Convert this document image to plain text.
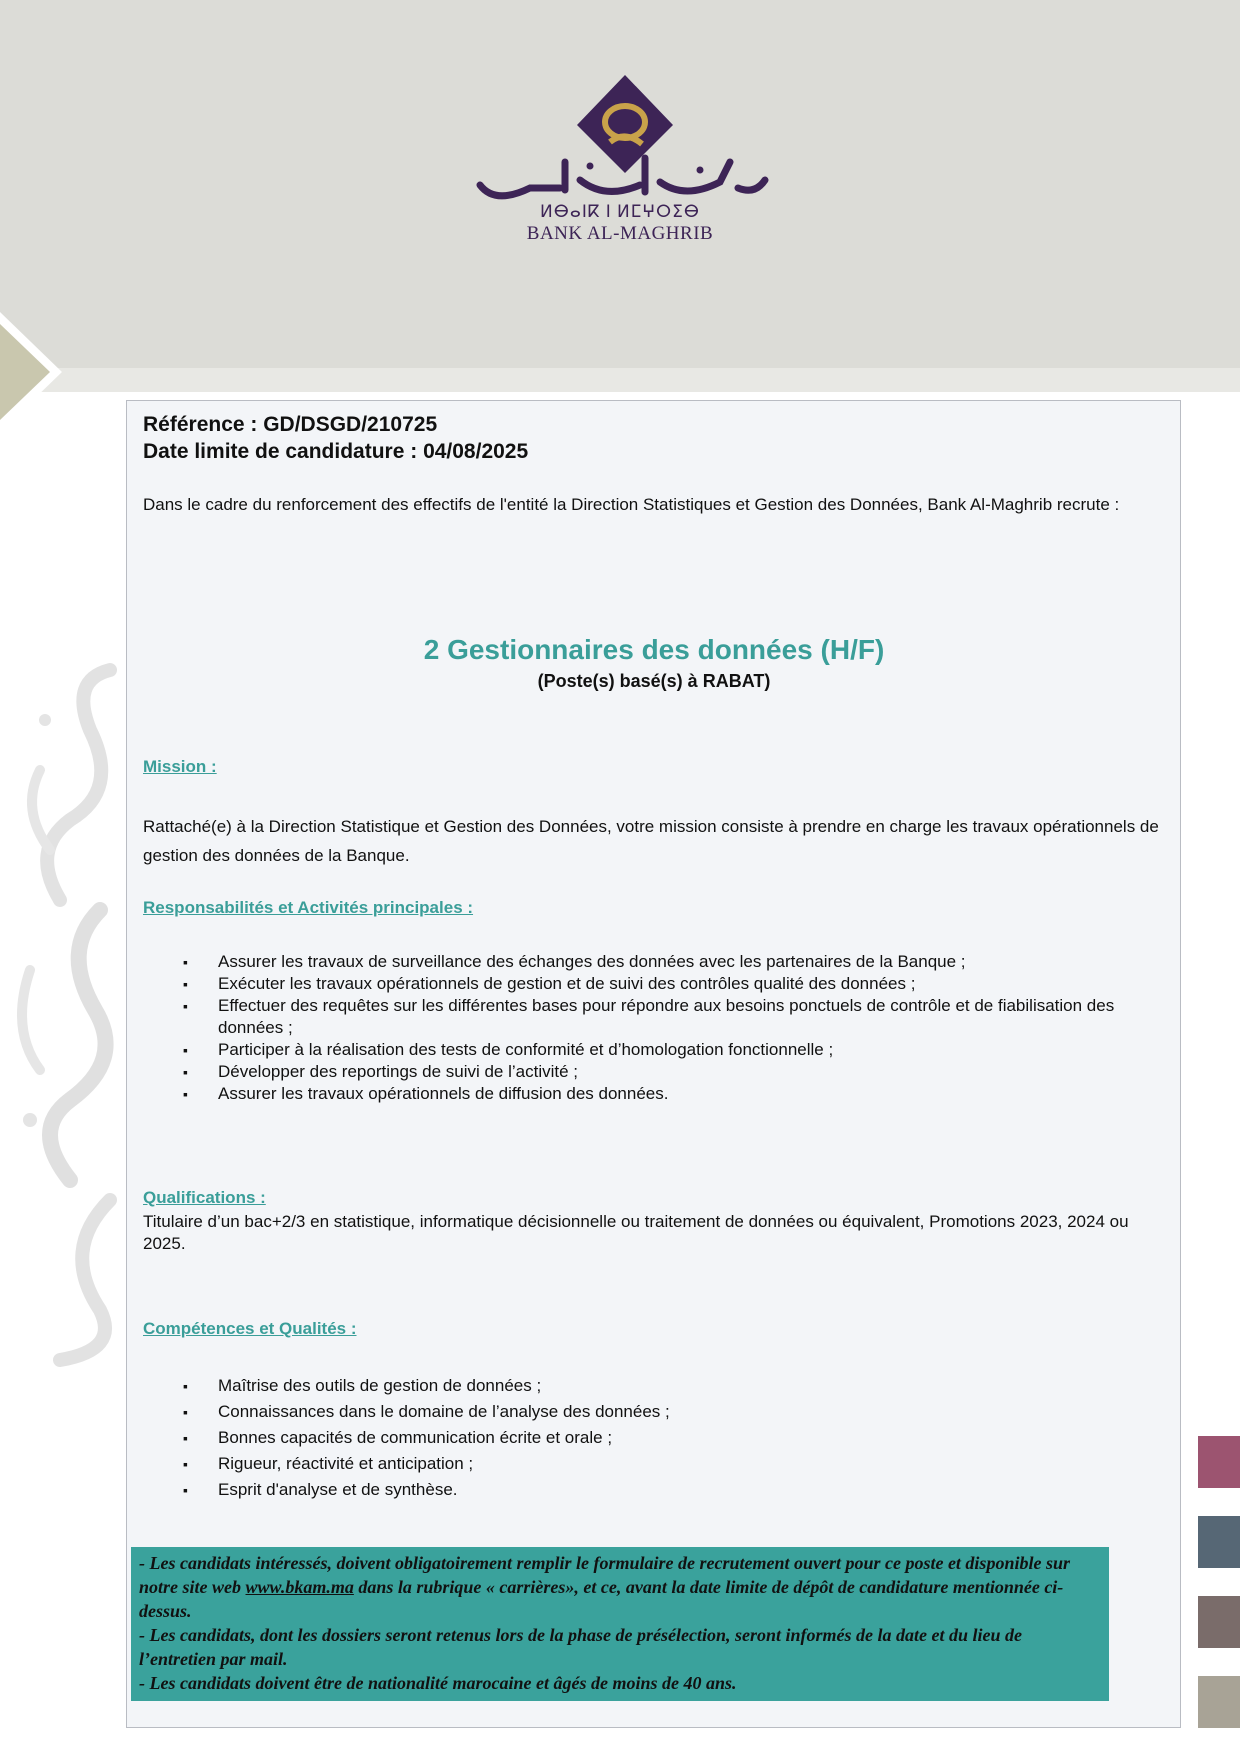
ⵍⴱⴰⵏⴽ ⵏ ⵍⵎⵖⵔⵉⴱ
BANK AL-MAGHRIB
Référence : GD/DSGD/210725
Date limite de candidature : 04/08/2025
Dans le cadre du renforcement des effectifs de l'entité la Direction Statistiques et Gestion des Données, Bank Al-Maghrib recrute :
2 Gestionnaires des données (H/F)
(Poste(s) basé(s) à RABAT)
Mission :
Rattaché(e) à la Direction Statistique et Gestion des Données, votre mission consiste à prendre en charge les travaux opérationnels de gestion des données de la Banque.
Responsabilités et Activités principales :
▪ Assurer les travaux de surveillance des échanges des données avec les partenaires de la Banque ;
▪ Exécuter les travaux opérationnels de gestion et de suivi des contrôles qualité des données ;
▪ Effectuer des requêtes sur les différentes bases pour répondre aux besoins ponctuels de contrôle et de fiabilisation des données ;
▪ Participer à la réalisation des tests de conformité et d’homologation fonctionnelle ;
▪ Développer des reportings de suivi de l’activité ;
▪ Assurer les travaux opérationnels de diffusion des données.
Qualifications :
Titulaire d’un bac+2/3 en statistique, informatique décisionnelle ou traitement de données ou équivalent, Promotions 2023, 2024 ou 2025.
Compétences et Qualités :
▪ Maîtrise des outils de gestion de données ;
▪ Connaissances dans le domaine de l’analyse des données ;
▪ Bonnes capacités de communication écrite et orale ;
▪ Rigueur, réactivité et anticipation ;
▪ Esprit d'analyse et de synthèse.
- Les candidats intéressés, doivent obligatoirement remplir le formulaire de recrutement ouvert pour ce poste et disponible sur notre site web www.bkam.ma dans la rubrique « carrières», et ce, avant la date limite de dépôt de candidature mentionnée ci-dessus.
- Les candidats, dont les dossiers seront retenus lors de la phase de présélection, seront informés de la date et du lieu de l’entretien par mail.
- Les candidats doivent être de nationalité marocaine et âgés de moins de 40 ans.
